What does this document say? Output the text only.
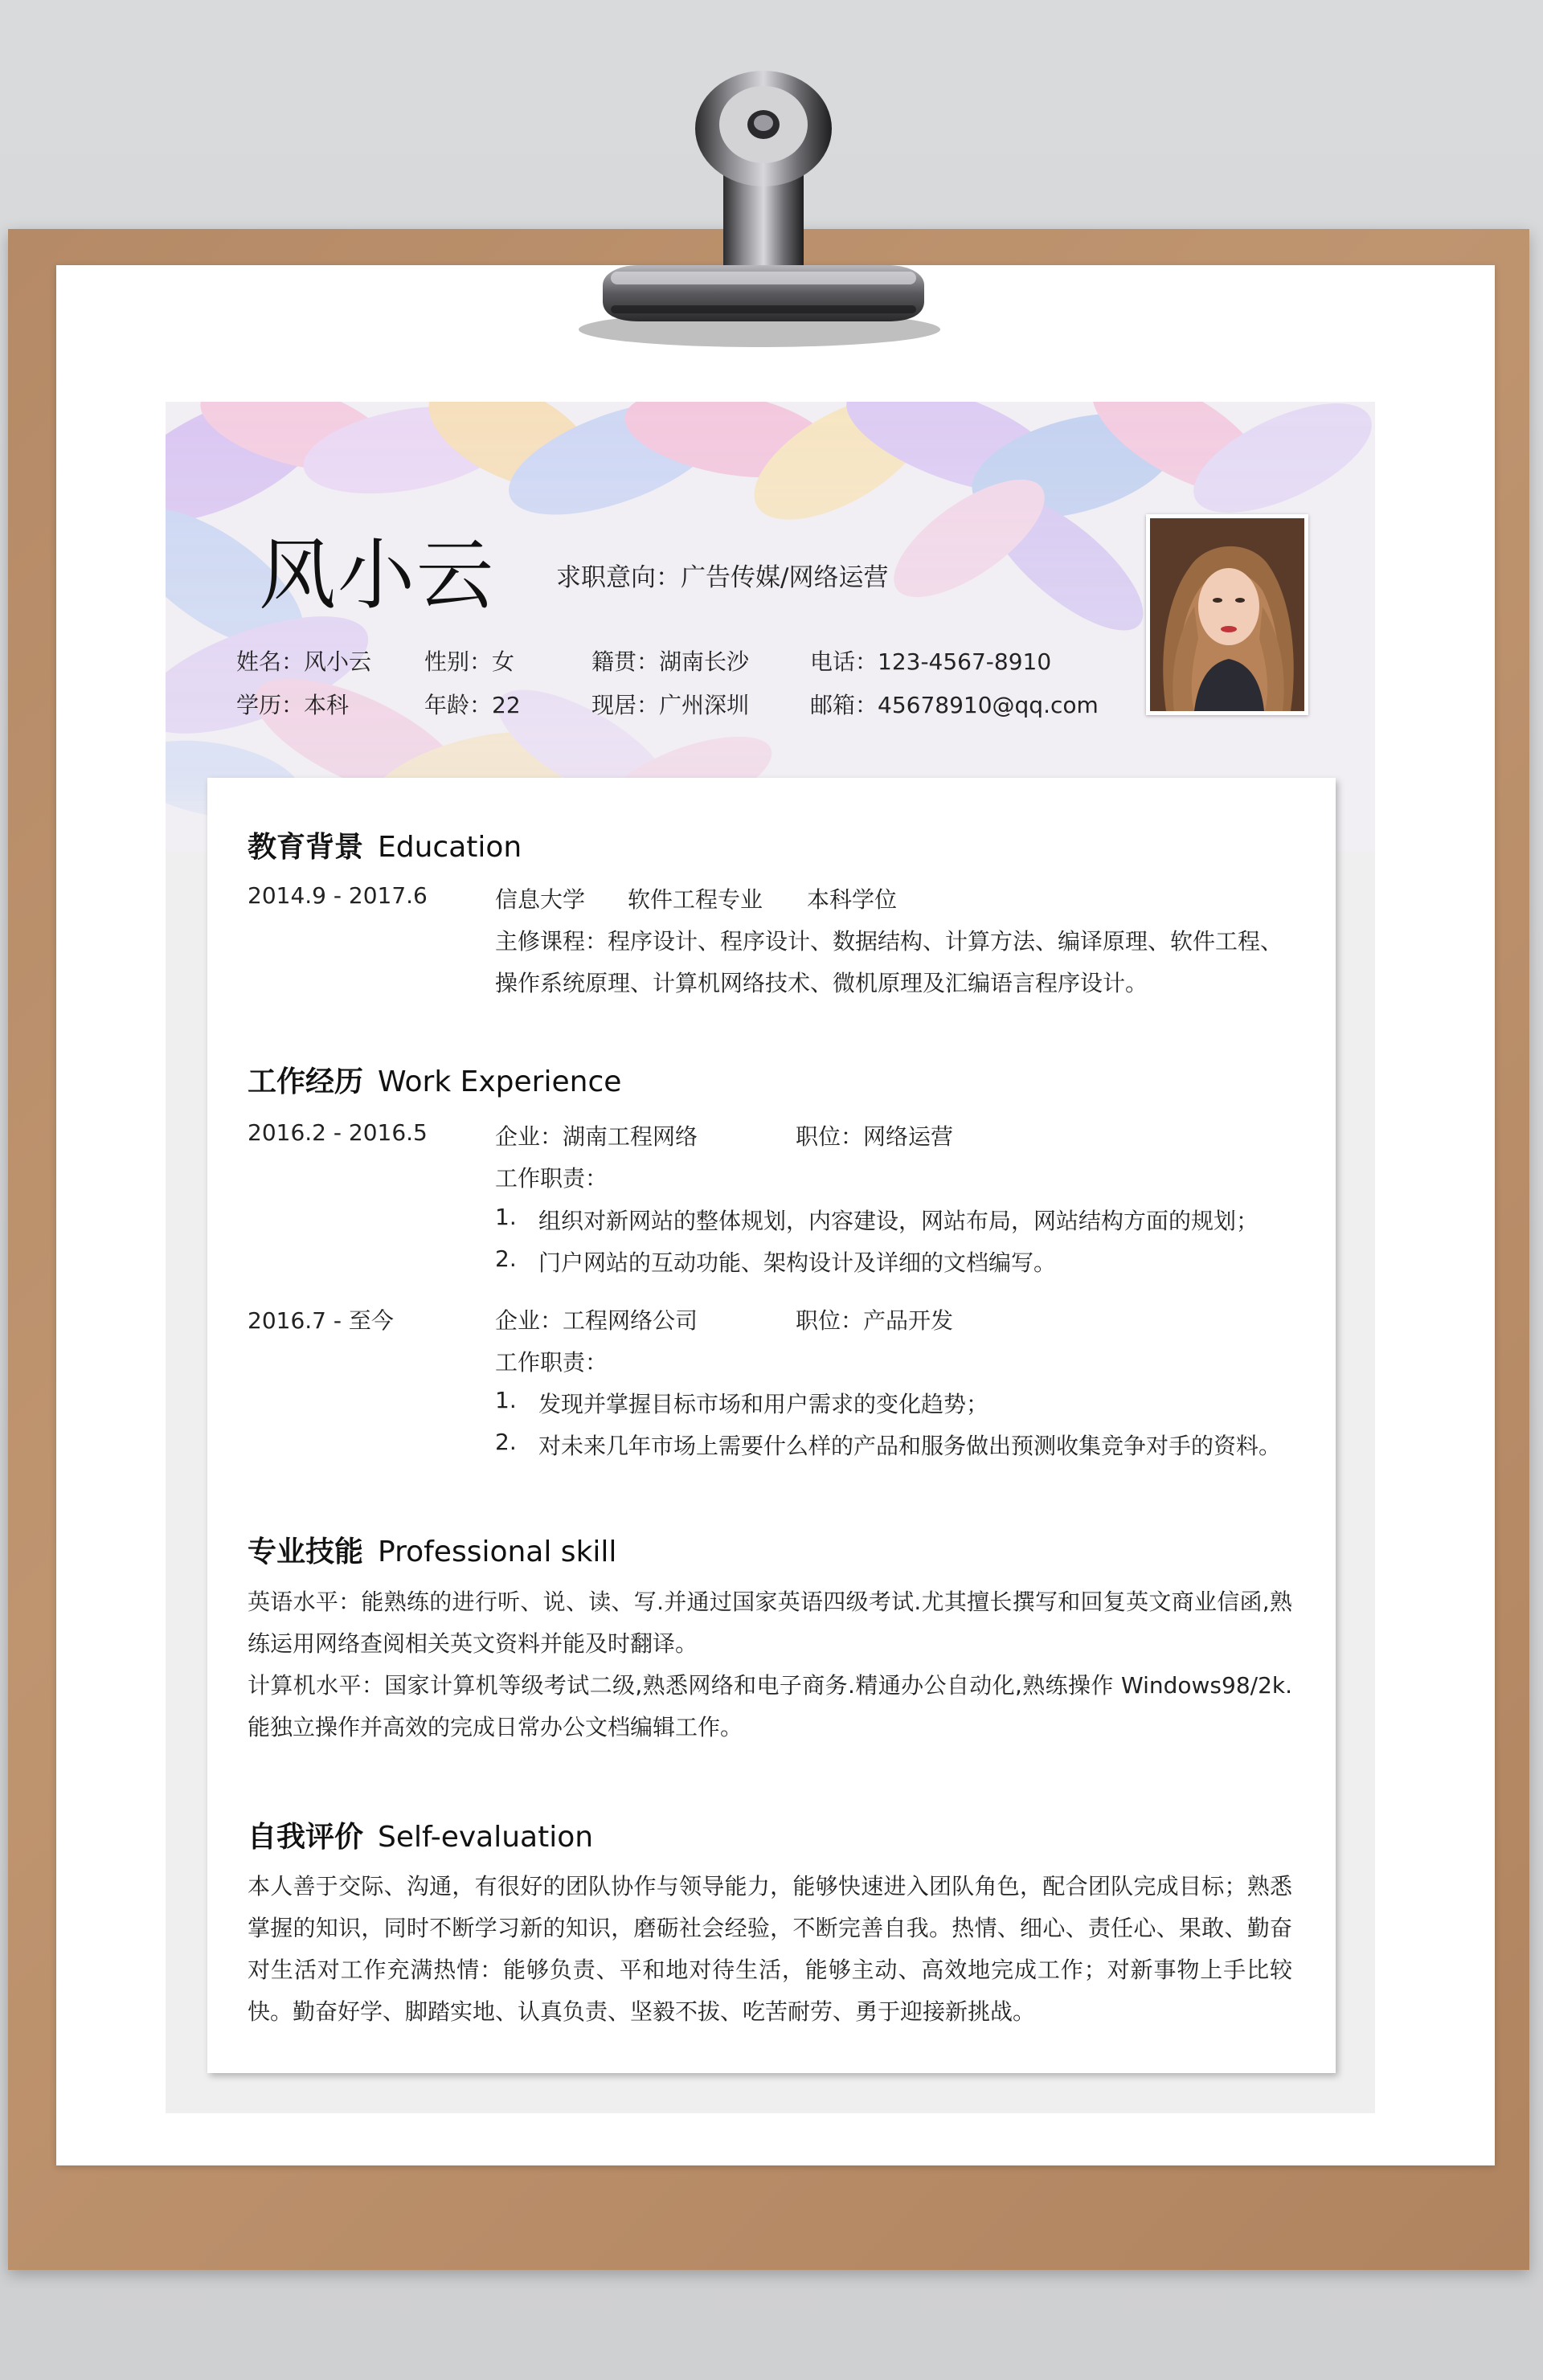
风小云 求职意向：广告传媒/网络运营
姓名：风小云 性别：女	籍贯：湖南长沙	电话：123-4567-8910
学历：本科	年龄：22	现居：广州深圳	邮箱：45678910@qq.com
教育背景 Education
2014.9 - 2017.6	信息大学 软件工程专业 本科学位
主修课程：程序设计、程序设计、数据结构、计算方法、编译原理、软件工程、
操作系统原理、计算机网络技术、微机原理及汇编语言程序设计。
工作经历 Work Experience
2016.2 - 2016.5	企业：湖南工程网络	职位：网络运营
工作职责：
1. 组织对新网站的整体规划，内容建设，网站布局，网站结构方面的规划；
2. 门户网站的互动功能、架构设计及详细的文档编写。
2016.7 - 至今	企业：工程网络公司	职位：产品开发
工作职责：
1. 发现并掌握目标市场和用户需求的变化趋势；
2. 对未来几年市场上需要什么样的产品和服务做出预测收集竞争对手的资料。
专业技能 Professional skill
英语水平：能熟练的进行听、说、读、写.并通过国家英语四级考试.尤其擅长撰写和回复英文商业信函,熟练运用网络查阅相关英文资料并能及时翻译。
计算机水平：国家计算机等级考试二级,熟悉网络和电子商务.精通办公自动化,熟练操作 Windows98/2k.能独立操作并高效的完成日常办公文档编辑工作。
自我评价 Self-evaluation
本人善于交际、沟通，有很好的团队协作与领导能力，能够快速进入团队角色，配合团队完成目标；熟悉掌握的知识，同时不断学习新的知识，磨砺社会经验，不断完善自我。热情、细心、责任心、果敢、勤奋对生活对工作充满热情：能够负责、平和地对待生活，能够主动、高效地完成工作；对新事物上手比较快。勤奋好学、脚踏实地、认真负责、坚毅不拔、吃苦耐劳、勇于迎接新挑战。
